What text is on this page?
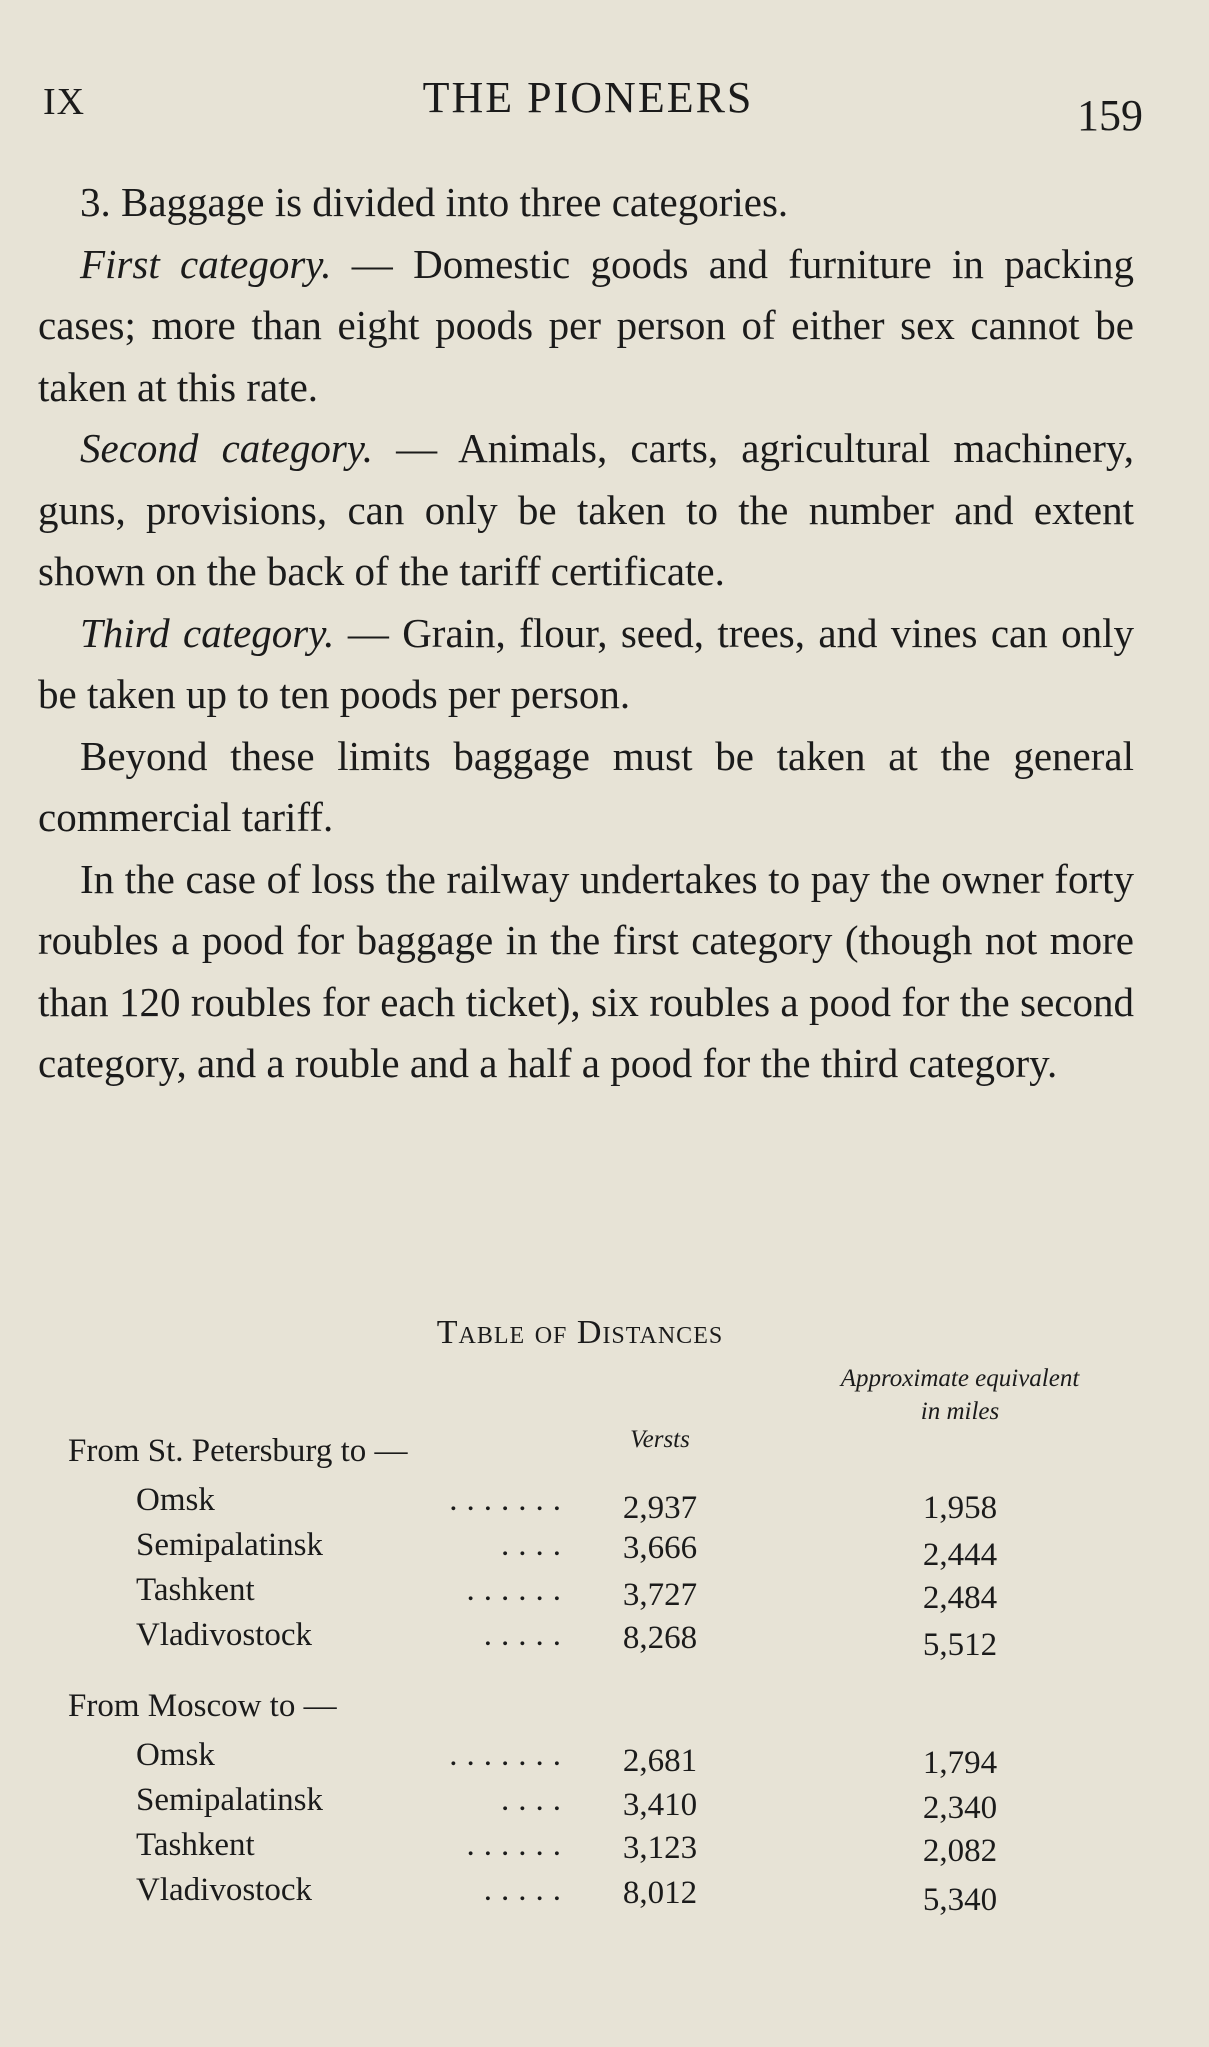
IX	THE PIONEERS	159

3. Baggage is divided into three categories.

First category. — Domestic goods and furniture in packing cases; more than eight poods per person of either sex cannot be taken at this rate.

Second category. — Animals, carts, agricultural machinery, guns, provisions, can only be taken to the number and extent shown on the back of the tariff certificate.

Third category. — Grain, flour, seed, trees, and vines can only be taken up to ten poods per person.

Beyond these limits baggage must be taken at the general commercial tariff.

In the case of loss the railway undertakes to pay the owner forty roubles a pood for baggage in the first category (though not more than 120 roubles for each ticket), six roubles a pood for the second category, and a rouble and a half a pood for the third category.

Table of Distances
Versts
Approximate equivalent in miles
From St. Petersburg to —
Omsk	.......	2,937	1,958
Semipalatinsk	....	3,666	2,444
Tashkent	......	3,727	2,484
Vladivostock	.....	8,268	5,512
From Moscow to —
Omsk	.......	2,681	1,794
Semipalatinsk	....	3,410	2,340
Tashkent	......	3,123	2,082
Vladivostock	.....	8,012	5,340
